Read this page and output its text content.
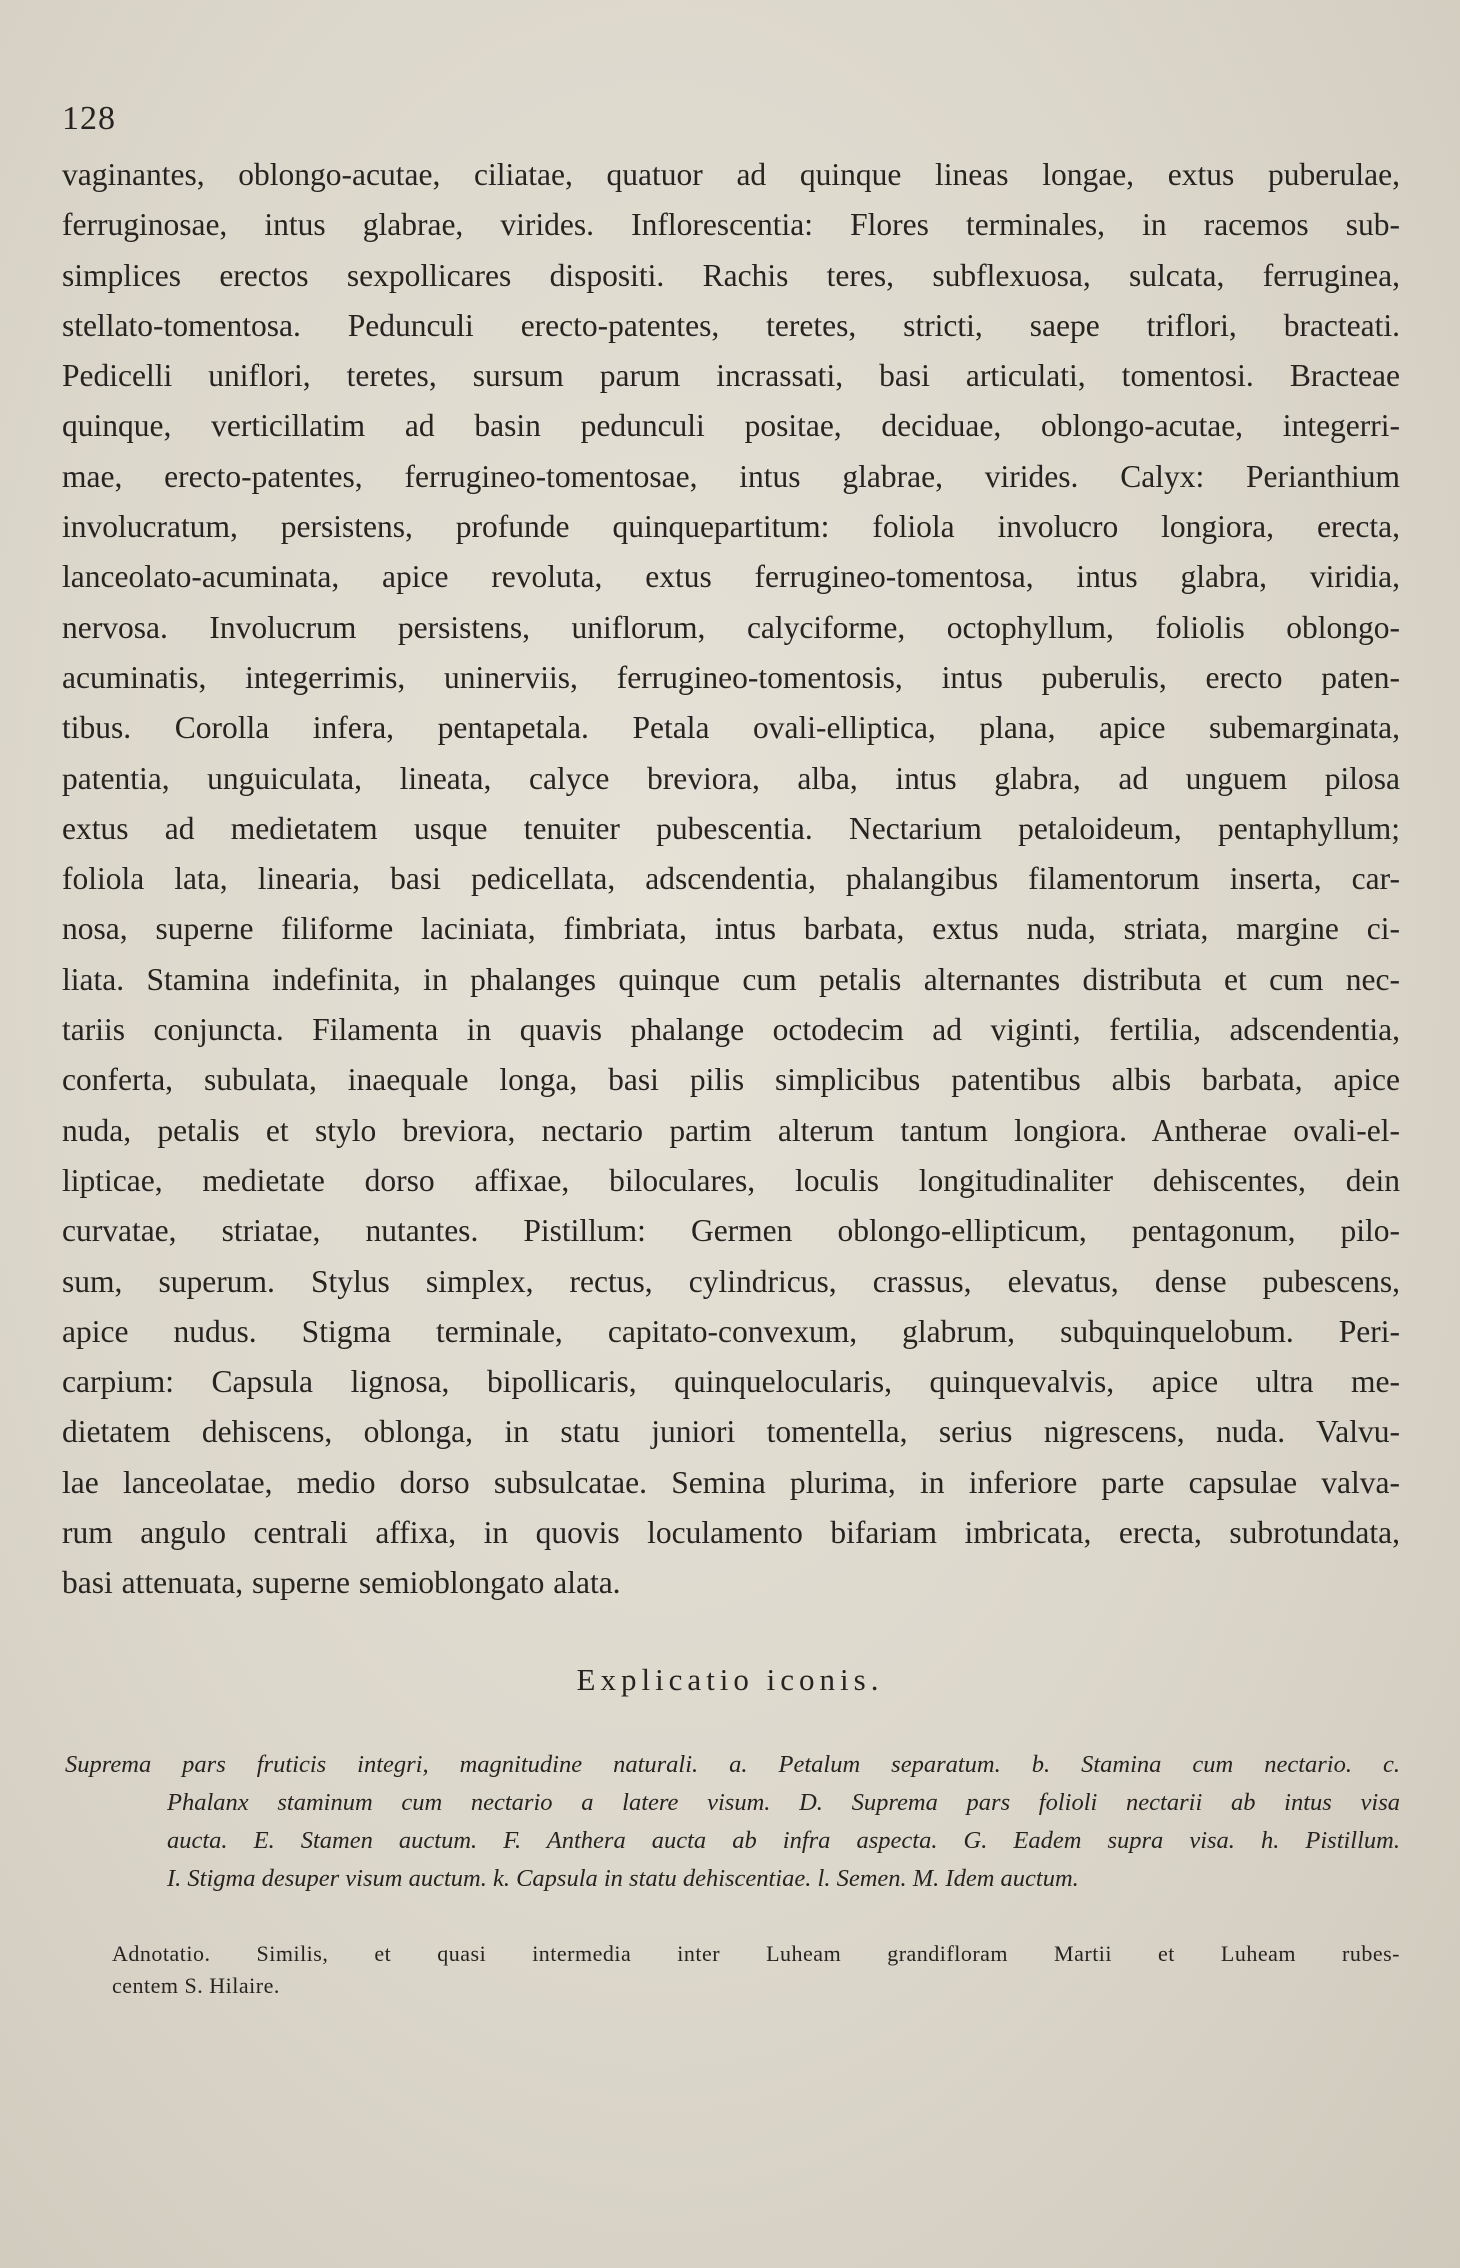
128
vaginantes, oblongo-acutae, ciliatae, quatuor ad quinque lineas longae, extus puberulae,
ferruginosae, intus glabrae, virides. Inflorescentia: Flores terminales, in racemos sub-
simplices erectos sexpollicares dispositi. Rachis teres, subflexuosa, sulcata, ferruginea,
stellato-tomentosa. Pedunculi erecto-patentes, teretes, stricti, saepe triflori, bracteati.
Pedicelli uniflori, teretes, sursum parum incrassati, basi articulati, tomentosi. Bracteae
quinque, verticillatim ad basin pedunculi positae, deciduae, oblongo-acutae, integerri-
mae, erecto-patentes, ferrugineo-tomentosae, intus glabrae, virides. Calyx: Perianthium
involucratum, persistens, profunde quinquepartitum: foliola involucro longiora, erecta,
lanceolato-acuminata, apice revoluta, extus ferrugineo-tomentosa, intus glabra, viridia,
nervosa. Involucrum persistens, uniflorum, calyciforme, octophyllum, foliolis oblongo-
acuminatis, integerrimis, uninerviis, ferrugineo-tomentosis, intus puberulis, erecto paten-
tibus. Corolla infera, pentapetala. Petala ovali-elliptica, plana, apice subemarginata,
patentia, unguiculata, lineata, calyce breviora, alba, intus glabra, ad unguem pilosa
extus ad medietatem usque tenuiter pubescentia. Nectarium petaloideum, pentaphyllum;
foliola lata, linearia, basi pedicellata, adscendentia, phalangibus filamentorum inserta, car-
nosa, superne filiforme laciniata, fimbriata, intus barbata, extus nuda, striata, margine ci-
liata. Stamina indefinita, in phalanges quinque cum petalis alternantes distributa et cum nec-
tariis conjuncta. Filamenta in quavis phalange octodecim ad viginti, fertilia, adscendentia,
conferta, subulata, inaequale longa, basi pilis simplicibus patentibus albis barbata, apice
nuda, petalis et stylo breviora, nectario partim alterum tantum longiora. Antherae ovali-el-
lipticae, medietate dorso affixae, biloculares, loculis longitudinaliter dehiscentes, dein
curvatae, striatae, nutantes. Pistillum: Germen oblongo-ellipticum, pentagonum, pilo-
sum, superum. Stylus simplex, rectus, cylindricus, crassus, elevatus, dense pubescens,
apice nudus. Stigma terminale, capitato-convexum, glabrum, subquinquelobum. Peri-
carpium: Capsula lignosa, bipollicaris, quinquelocularis, quinquevalvis, apice ultra me-
dietatem dehiscens, oblonga, in statu juniori tomentella, serius nigrescens, nuda. Valvu-
lae lanceolatae, medio dorso subsulcatae. Semina plurima, in inferiore parte capsulae valva-
rum angulo centrali affixa, in quovis loculamento bifariam imbricata, erecta, subrotundata,
basi attenuata, superne semioblongato alata.
Explicatio iconis.
Suprema pars fruticis integri, magnitudine naturali. a. Petalum separatum. b. Stamina cum nectario. c.
Phalanx staminum cum nectario a latere visum. D. Suprema pars folioli nectarii ab intus visa
aucta. E. Stamen auctum. F. Anthera aucta ab infra aspecta. G. Eadem supra visa. h. Pistillum.
I. Stigma desuper visum auctum. k. Capsula in statu dehiscentiae. l. Semen. M. Idem auctum.
Adnotatio. Similis, et quasi intermedia inter Luheam grandifloram Martii et Luheam rubes-
centem S. Hilaire.
